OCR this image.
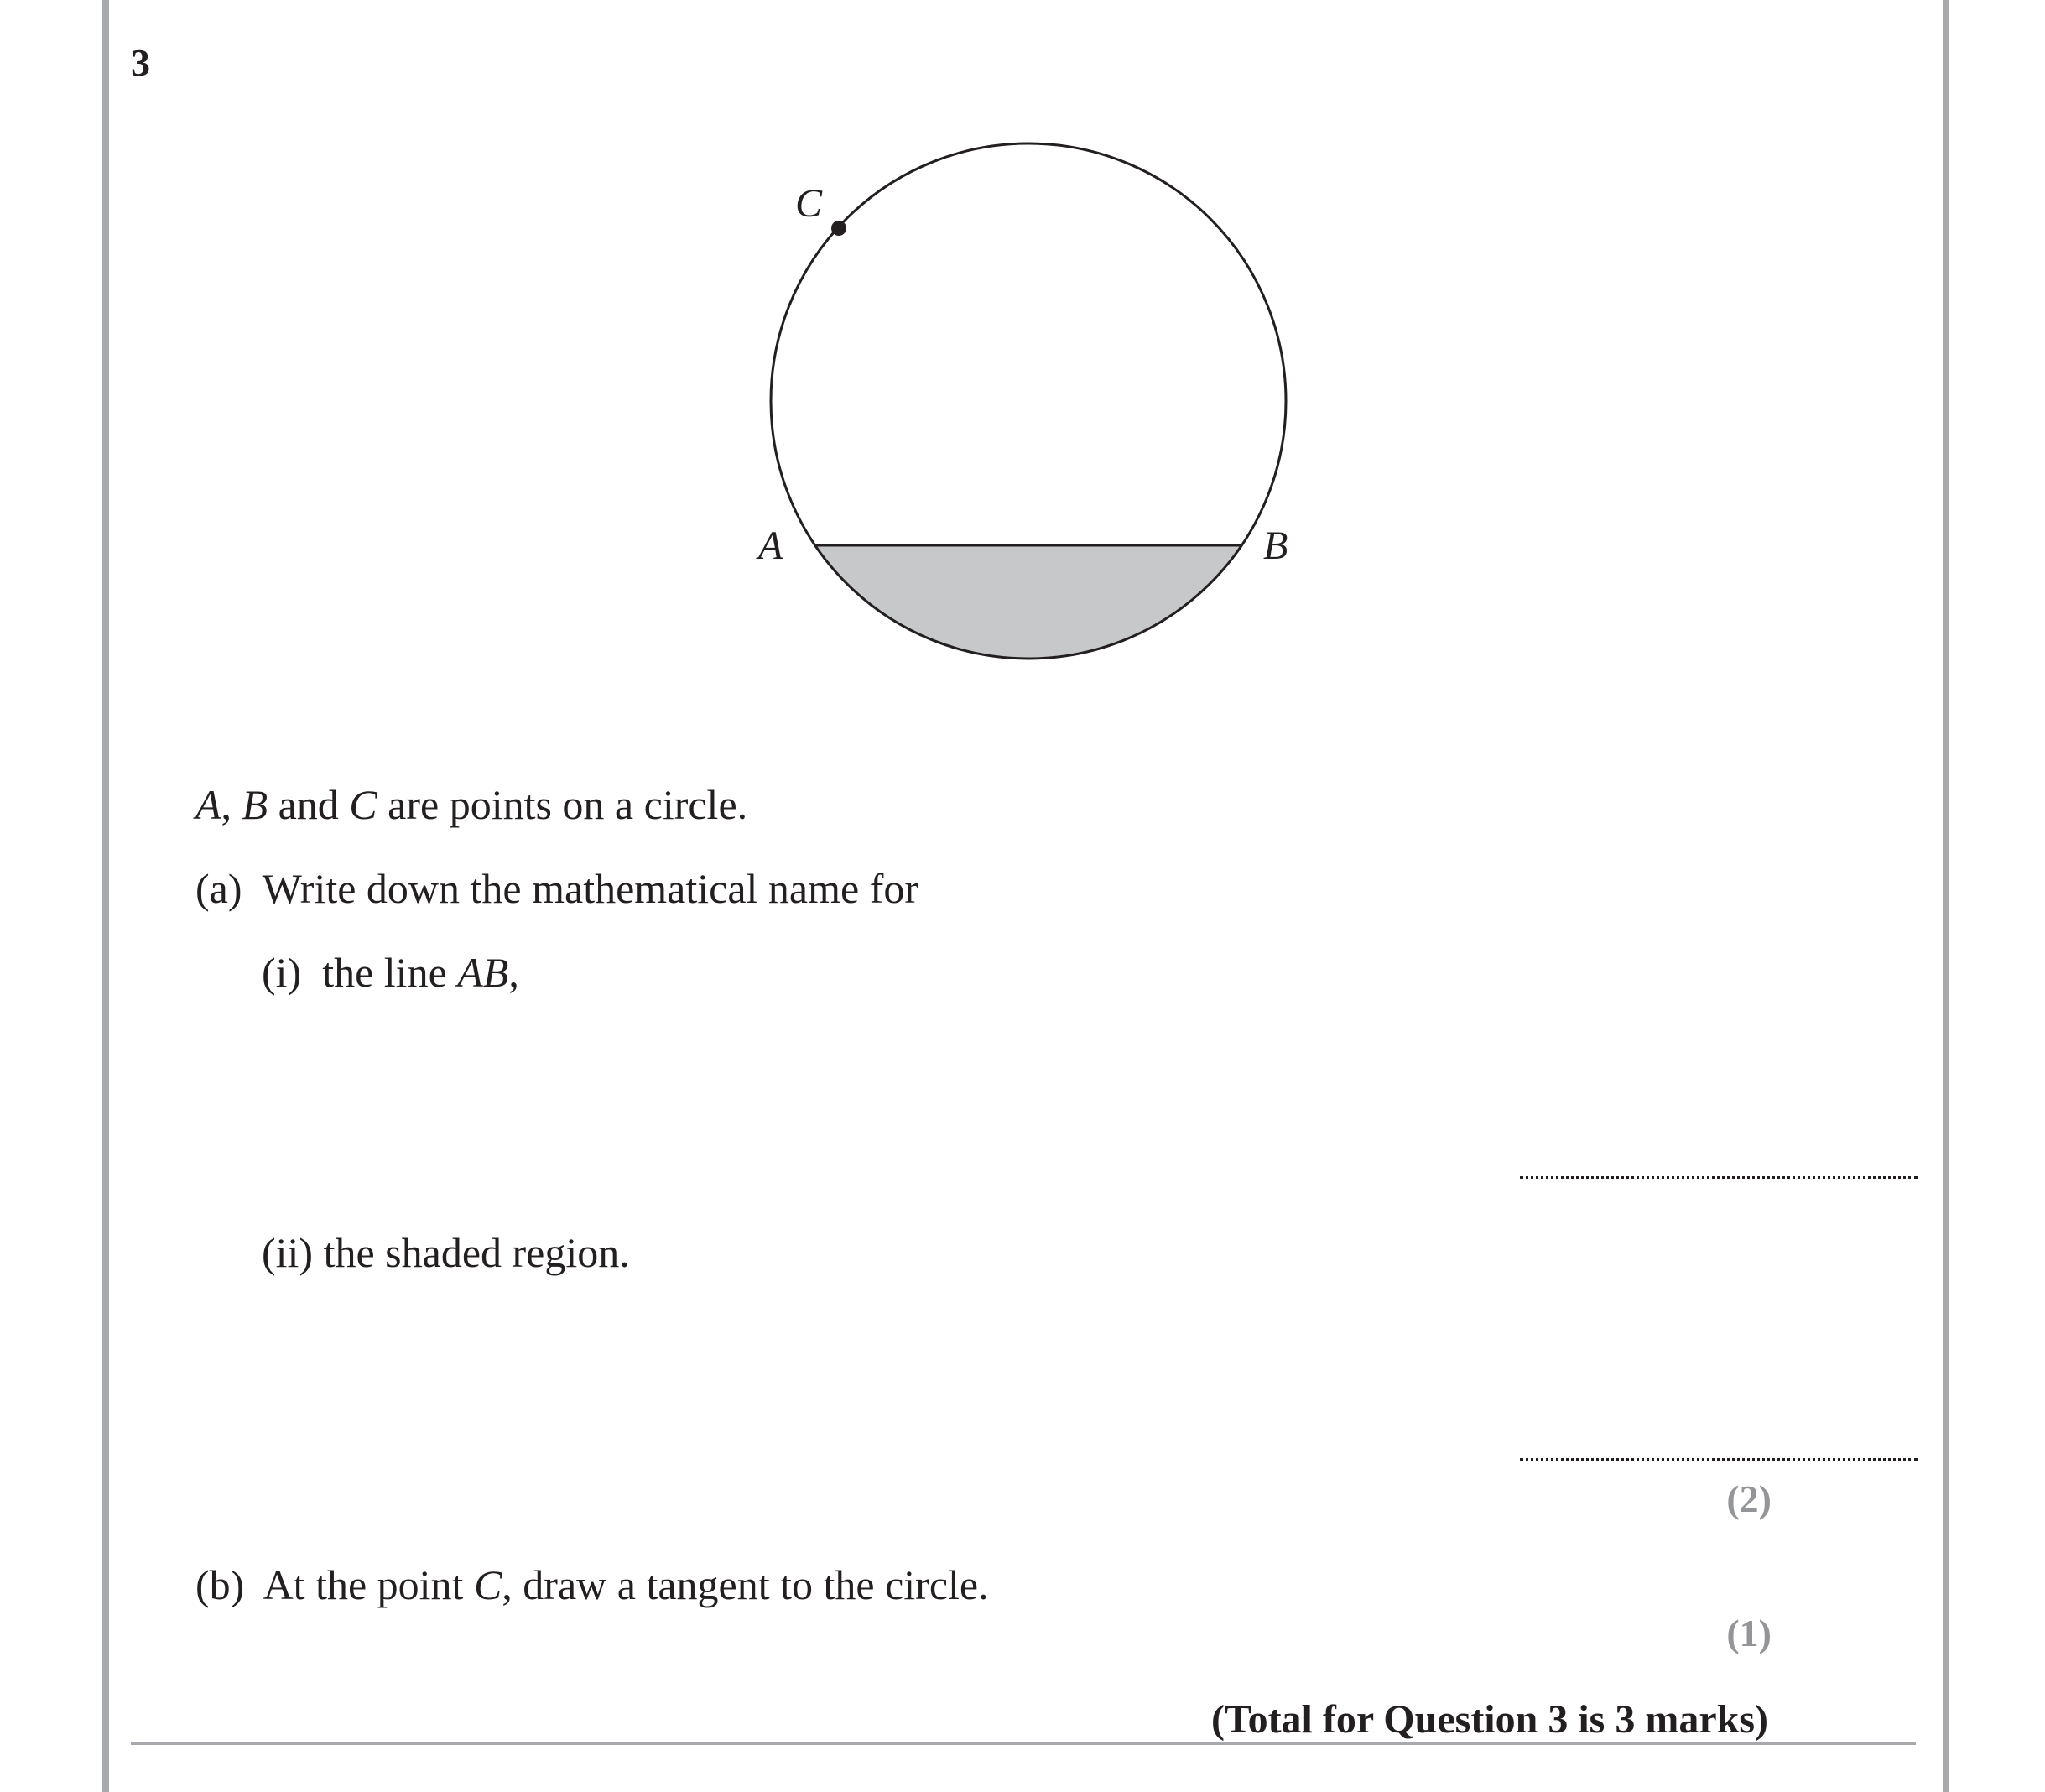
3
C
A	B
A, B and C are points on a circle.
(a) Write down the mathematical name for
(i) the line AB,
(ii) the shaded region.
(2)
(b) At the point C, draw a tangent to the circle.
(1)
(Total for Question 3 is 3 marks)
